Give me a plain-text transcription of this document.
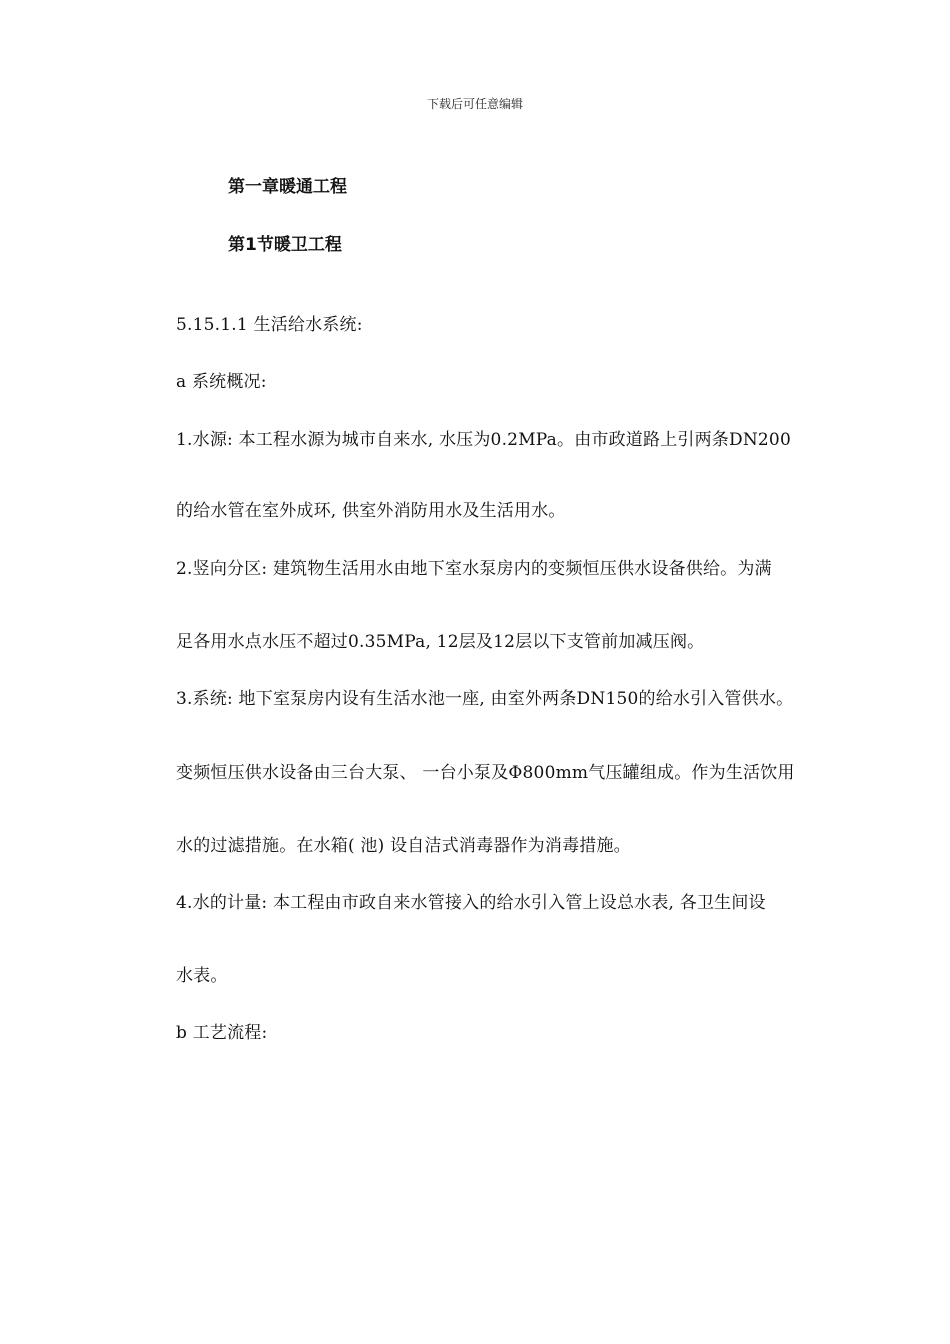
下载后可任意编辑
第一章暖通工程
第1节暖卫工程
5.15.1.1 生活给水系统:
a 系统概况:
1.水源: 本工程水源为城市自来水, 水压为0.2MPa。由市政道路上引两条DN200
的给水管在室外成环, 供室外消防用水及生活用水。
2.竖向分区: 建筑物生活用水由地下室水泵房内的变频恒压供水设备供给。为满
足各用水点水压不超过0.35MPa, 12层及12层以下支管前加减压阀。
3.系统: 地下室泵房内设有生活水池一座, 由室外两条DN150的给水引入管供水。
变频恒压供水设备由三台大泵、 一台小泵及Φ800mm气压罐组成。作为生活饮用
水的过滤措施。在水箱( 池) 设自洁式消毒器作为消毒措施。
4.水的计量: 本工程由市政自来水管接入的给水引入管上设总水表, 各卫生间设
水表。
b 工艺流程:
